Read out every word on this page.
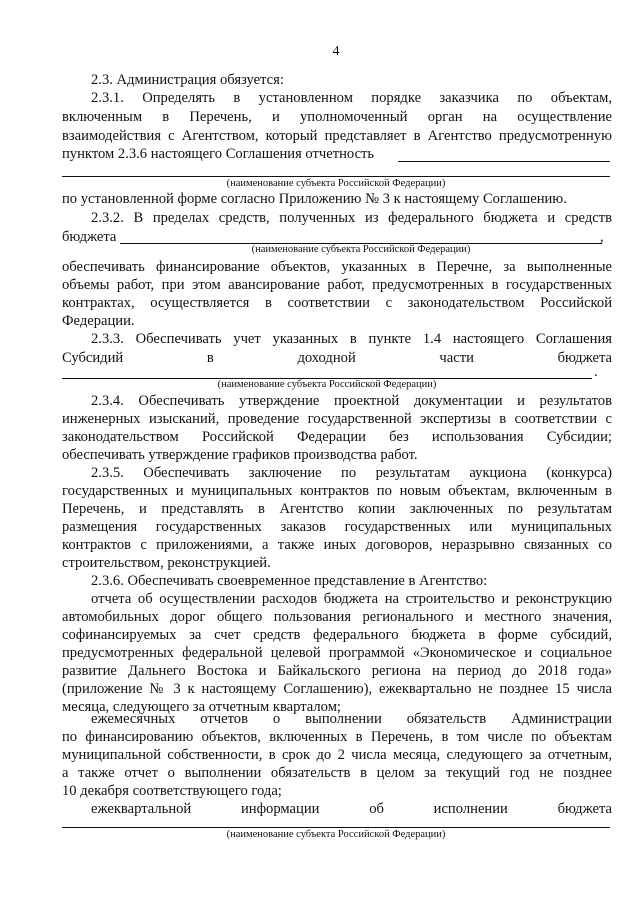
4
2.3. Администрация обязуется:
2.3.1. Определять в установленном порядке заказчика по объектам,
включенным в Перечень, и уполномоченный орган на осуществление
взаимодействия с Агентством, который представляет в Агентство предусмотренную
пунктом 2.3.6 настоящего Соглашения отчетность
(наименование субъекта Российской Федерации)
по установленной форме согласно Приложению № 3 к настоящему Соглашению.
2.3.2. В пределах средств, полученных из федерального бюджета и средств
бюджета	,
(наименование субъекта Российской Федерации)
обеспечивать финансирование объектов, указанных в Перечне, за выполненные
объемы работ, при этом авансирование работ, предусмотренных в государственных
контрактах, осуществляется в соответствии с законодательством Российской
Федерации.
2.3.3. Обеспечивать учет указанных в пункте 1.4 настоящего Соглашения
Субсидий в доходной части бюджета
.
(наименование субъекта Российской Федерации)
2.3.4. Обеспечивать утверждение проектной документации и результатов
инженерных изысканий, проведение государственной экспертизы в соответствии с
законодательством Российской Федерации без использования Субсидии;
обеспечивать утверждение графиков производства работ.
2.3.5. Обеспечивать заключение по результатам аукциона (конкурса)
государственных и муниципальных контрактов по новым объектам, включенным в
Перечень, и представлять в Агентство копии заключенных по результатам
размещения государственных заказов государственных или муниципальных
контрактов с приложениями, а также иных договоров, неразрывно связанных со
строительством, реконструкцией.
2.3.6. Обеспечивать своевременное представление в Агентство:
отчета об осуществлении расходов бюджета на строительство и реконструкцию
автомобильных дорог общего пользования регионального и местного значения,
софинансируемых за счет средств федерального бюджета в форме субсидий,
предусмотренных федеральной целевой программой «Экономическое и социальное
развитие Дальнего Востока и Байкальского региона на период до 2018 года»
(приложение № 3 к настоящему Соглашению), ежеквартально не позднее 15 числа
месяца, следующего за отчетным кварталом;
ежемесячных отчетов о выполнении обязательств Администрации
по финансированию объектов, включенных в Перечень, в том числе по объектам
муниципальной собственности, в срок до 2 числа месяца, следующего за отчетным,
а также отчет о выполнении обязательств в целом за текущий год не позднее
10 декабря соответствующего года;
ежеквартальной информации об исполнении бюджета
(наименование субъекта Российской Федерации)
